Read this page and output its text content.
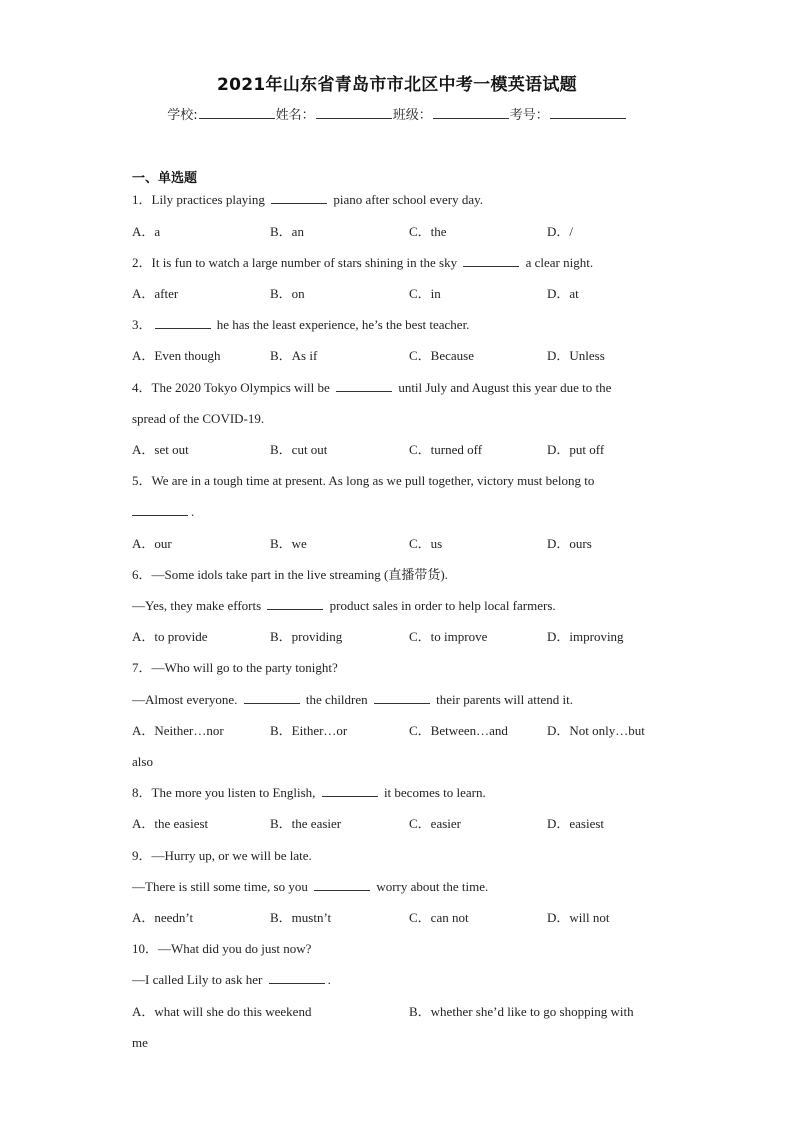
2021年山东省青岛市市北区中考一模英语试题
学校:	姓名：	班级：	考号：
一、单选题
1．Lily practices playing	piano after school every day.
A．a	B．an	C．the	D．/
2．It is fun to watch a large number of stars shining in the sky	a clear night.
A．after	B．on	C．in	D．at
3．	he has the least experience, he’s the best teacher.
A．Even though	B．As if	C．Because	D．Unless
4．The 2020 Tokyo Olympics will be	until July and August this year due to the
spread of the COVID-19.
A．set out	B．cut out	C．turned off	D．put off
5．We are in a tough time at present. As long as we pull together, victory must belong to
.
A．our	B．we	C．us	D．ours
6．—Some idols take part in the live streaming (直播带货).
—Yes, they make efforts	product sales in order to help local farmers.
A．to provide	B．providing	C．to improve	D．improving
7．—Who will go to the party tonight?
—Almost everyone.	the children	their parents will attend it.
A．Neither…nor	B．Either…or	C．Between…and	D．Not only…but
also
8．The more you listen to English,	it becomes to learn.
A．the easiest	B．the easier	C．easier	D．easiest
9．—Hurry up, or we will be late.
—There is still some time, so you	worry about the time.
A．needn’t	B．mustn’t	C．can not	D．will not
10．—What did you do just now?
—I called Lily to ask her	.
A．what will she do this weekend	B．whether she’d like to go shopping with
me
